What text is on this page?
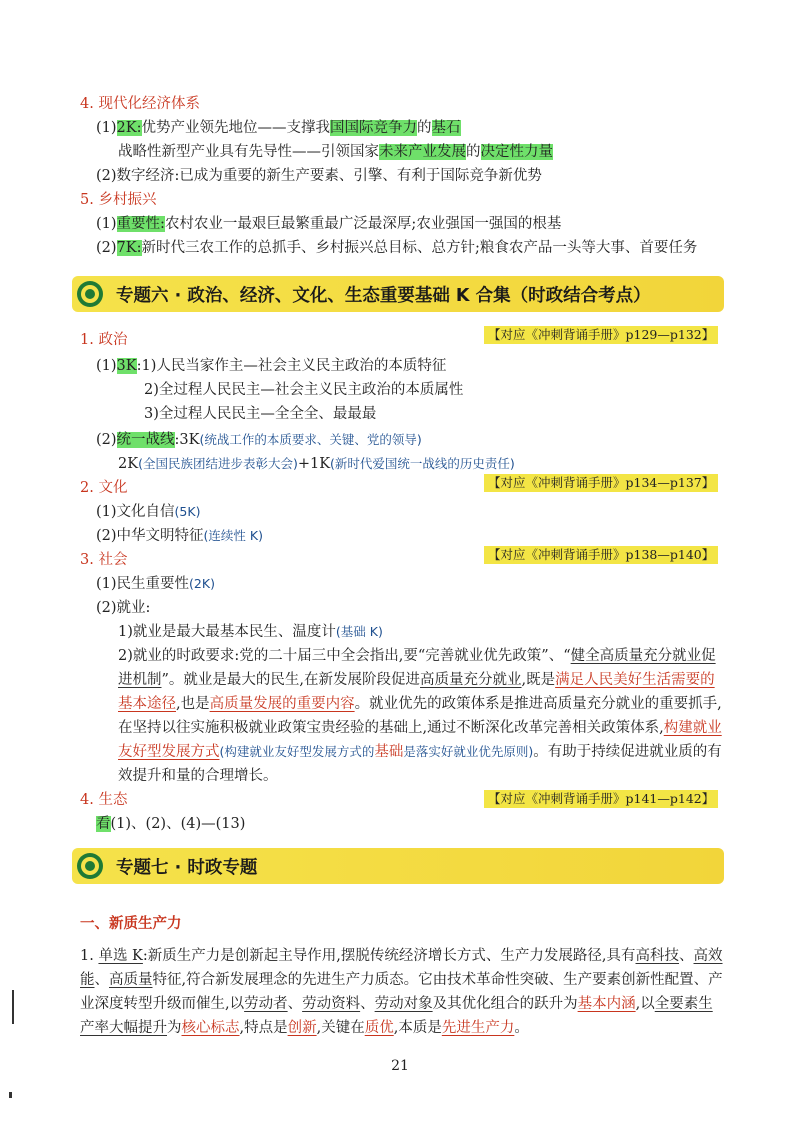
4. 现代化经济体系
(1)2K:优势产业领先地位——支撑我国国际竞争力的基石
战略性新型产业具有先导性——引领国家未来产业发展的决定性力量
(2)数字经济:已成为重要的新生产要素、引擎、有利于国际竞争新优势
5. 乡村振兴
(1)重要性:农村农业一最艰巨最繁重最广泛最深厚;农业强国一强国的根基
(2)7K:新时代三农工作的总抓手、乡村振兴总目标、总方针;粮食农产品一头等大事、首要任务
专题六 · 政治、经济、文化、生态重要基础 K 合集（时政结合考点）
1. 政治	【对应《冲刺背诵手册》p129—p132】
(1)3K:1)人民当家作主—社会主义民主政治的本质特征
2)全过程人民民主—社会主义民主政治的本质属性
3)全过程人民民主—全全全、最最最
(2)统一战线:3K(统战工作的本质要求、关键、党的领导)
2K(全国民族团结进步表彰大会)+1K(新时代爱国统一战线的历史责任)
2. 文化	【对应《冲刺背诵手册》p134—p137】
(1)文化自信(5K)
(2)中华文明特征(连续性 K)
3. 社会	【对应《冲刺背诵手册》p138—p140】
(1)民生重要性(2K)
(2)就业:
1)就业是最大最基本民生、温度计(基础 K)
2)就业的时政要求:党的二十届三中全会指出,要“完善就业优先政策”、“健全高质量充分就业促进机制”。就业是最大的民生,在新发展阶段促进高质量充分就业,既是满足人民美好生活需要的基本途径,也是高质量发展的重要内容。就业优先的政策体系是推进高质量充分就业的重要抓手,在坚持以往实施积极就业政策宝贵经验的基础上,通过不断深化改革完善相关政策体系,构建就业友好型发展方式(构建就业友好型发展方式的基础是落实好就业优先原则)。有助于持续促进就业质的有效提升和量的合理增长。
4. 生态	【对应《冲刺背诵手册》p141—p142】
看(1)、(2)、(4)—(13)
专题七 · 时政专题
一、新质生产力
1. 单选 K:新质生产力是创新起主导作用,摆脱传统经济增长方式、生产力发展路径,具有高科技、高效能、高质量特征,符合新发展理念的先进生产力质态。它由技术革命性突破、生产要素创新性配置、产业深度转型升级而催生,以劳动者、劳动资料、劳动对象及其优化组合的跃升为基本内涵,以全要素生产率大幅提升为核心标志,特点是创新,关键在质优,本质是先进生产力。
21
